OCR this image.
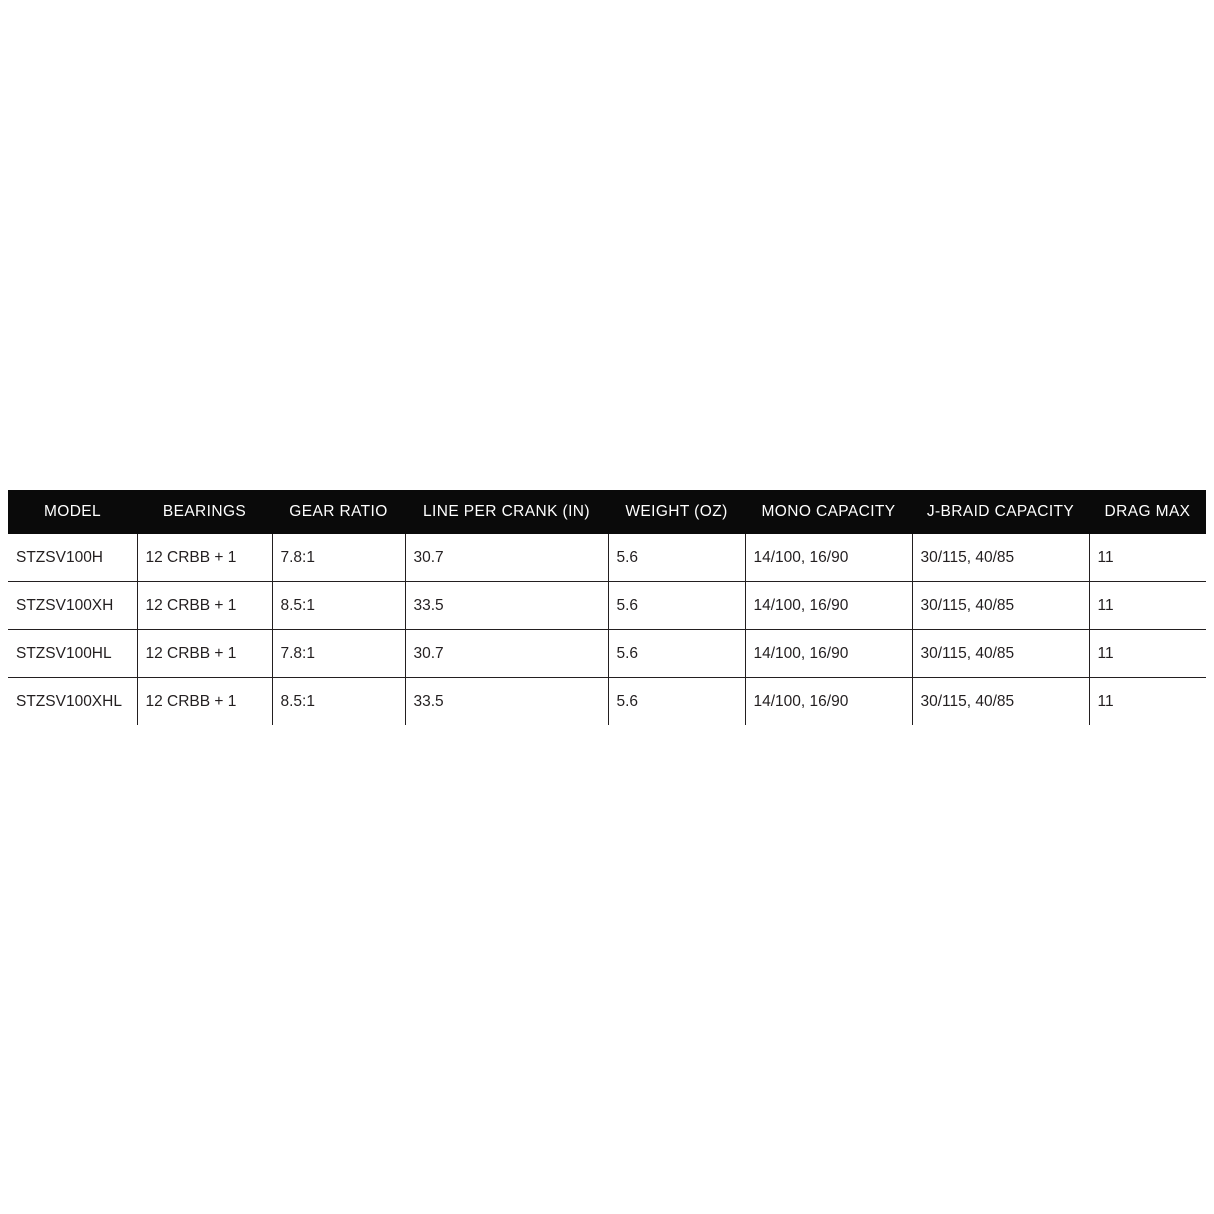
MODEL	BEARINGS	GEAR RATIO	LINE PER CRANK (IN)	WEIGHT (OZ)	MONO CAPACITY	J-BRAID CAPACITY	DRAG MAX
STZSV100H	12 CRBB + 1	7.8:1	30.7	5.6	14/100, 16/90	30/115, 40/85	11
STZSV100XH	12 CRBB + 1	8.5:1	33.5	5.6	14/100, 16/90	30/115, 40/85	11
STZSV100HL	12 CRBB + 1	7.8:1	30.7	5.6	14/100, 16/90	30/115, 40/85	11
STZSV100XHL	12 CRBB + 1	8.5:1	33.5	5.6	14/100, 16/90	30/115, 40/85	11
